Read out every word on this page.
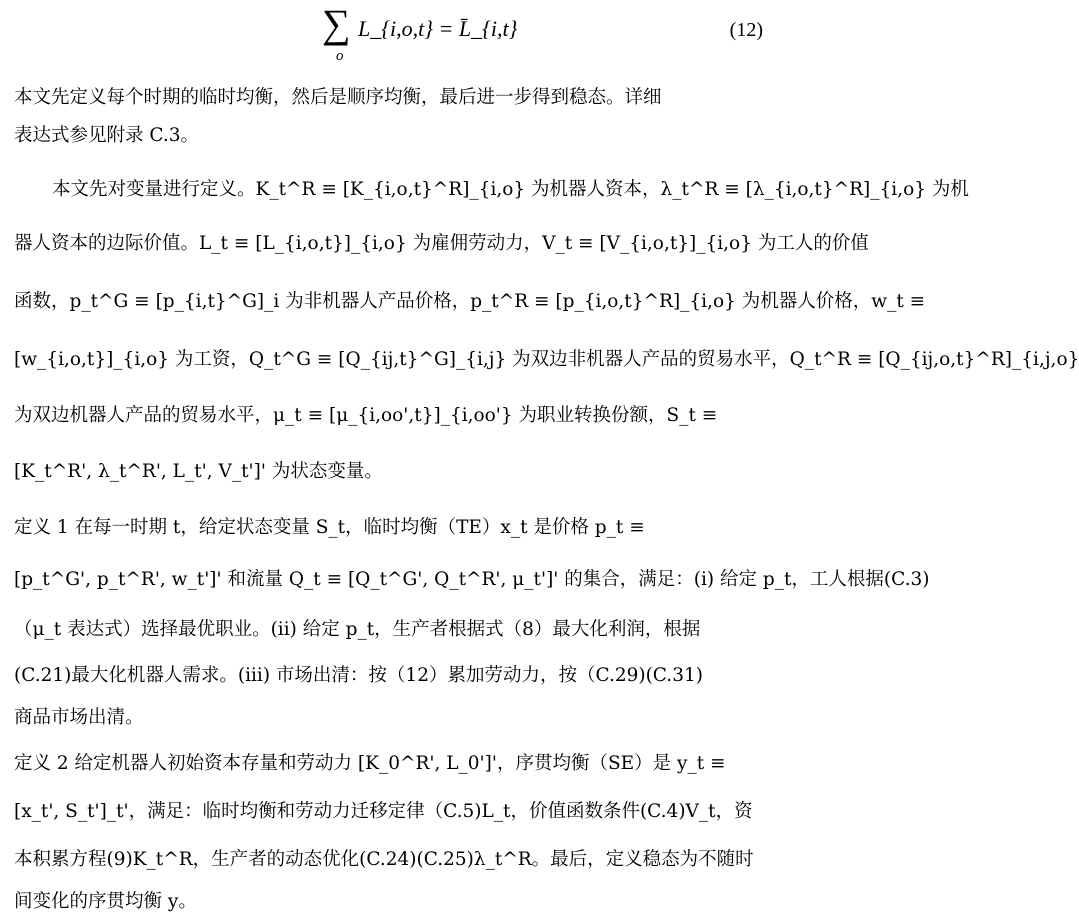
∑
o
L_{i,o,t} = L̄_{i,t}	(12)
本文先定义每个时期的临时均衡，然后是顺序均衡，最后进一步得到稳态。详细
表达式参见附录 C.3。
本文先对变量进行定义。K_t^R ≡ [K_{i,o,t}^R]_{i,o} 为机器人资本，λ_t^R ≡ [λ_{i,o,t}^R]_{i,o} 为机
器人资本的边际价值。L_t ≡ [L_{i,o,t}]_{i,o} 为雇佣劳动力，V_t ≡ [V_{i,o,t}]_{i,o} 为工人的价值
函数，p_t^G ≡ [p_{i,t}^G]_i 为非机器人产品价格，p_t^R ≡ [p_{i,o,t}^R]_{i,o} 为机器人价格，w_t ≡
[w_{i,o,t}]_{i,o} 为工资，Q_t^G ≡ [Q_{ij,t}^G]_{i,j} 为双边非机器人产品的贸易水平，Q_t^R ≡ [Q_{ij,o,t}^R]_{i,j,o}
为双边机器人产品的贸易水平，μ_t ≡ [μ_{i,oo',t}]_{i,oo'} 为职业转换份额，S_t ≡
[K_t^R', λ_t^R', L_t', V_t']' 为状态变量。
定义 1 在每一时期 t，给定状态变量 S_t，临时均衡（TE）x_t 是价格 p_t ≡
[p_t^G', p_t^R', w_t']' 和流量 Q_t ≡ [Q_t^G', Q_t^R', μ_t']' 的集合，满足：(i) 给定 p_t，工人根据(C.3)
（μ_t 表达式）选择最优职业。(ii) 给定 p_t，生产者根据式（8）最大化利润，根据
(C.21)最大化机器人需求。(iii) 市场出清：按（12）累加劳动力，按（C.29)(C.31)
商品市场出清。
定义 2 给定机器人初始资本存量和劳动力 [K_0^R', L_0']'，序贯均衡（SE）是 y_t ≡
[x_t', S_t']_t'，满足：临时均衡和劳动力迁移定律（C.5)L_t，价值函数条件(C.4)V_t，资
本积累方程(9)K_t^R，生产者的动态优化(C.24)(C.25)λ_t^R。最后，定义稳态为不随时
间变化的序贯均衡 y。
